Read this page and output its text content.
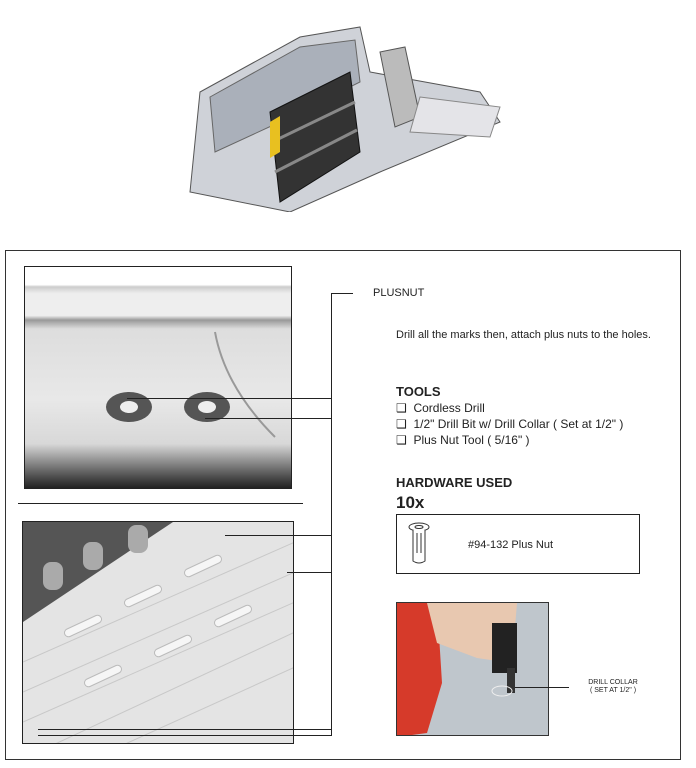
PLUSNUT
Drill all the marks then, attach plus nuts to the holes.
TOOLS
❑ Cordless Drill
❑ 1/2" Drill Bit w/ Drill Collar ( Set at 1/2" )
❑ Plus Nut Tool ( 5/16" )
HARDWARE USED
10x
#94-132 Plus Nut
DRILL COLLAR
( SET AT 1/2" )
